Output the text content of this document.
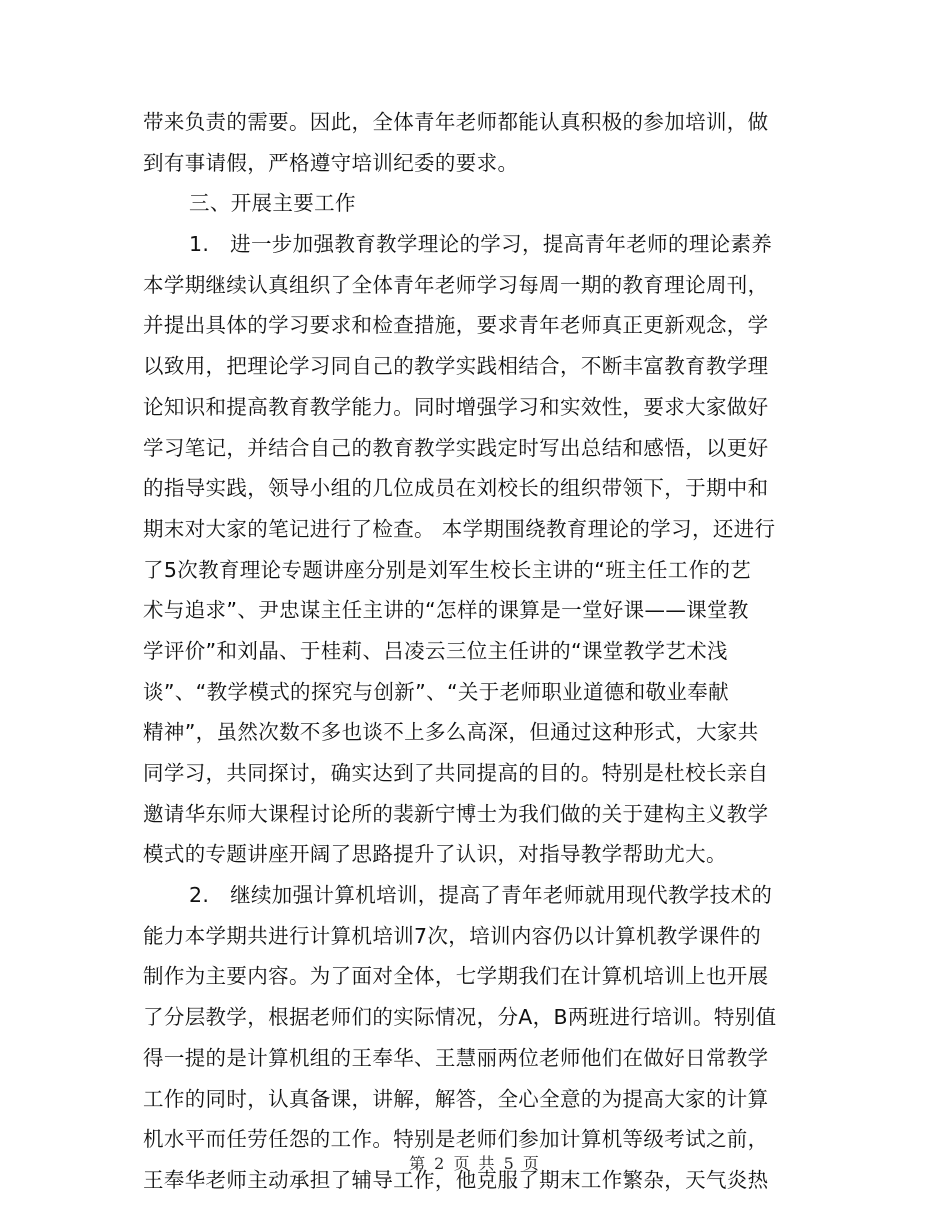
带来负责的需要。因此，全体青年老师都能认真积极的参加培训，做
到有事请假，严格遵守培训纪委的要求。
三、开展主要工作
1.　进一步加强教育教学理论的学习，提高青年老师的理论素养
本学期继续认真组织了全体青年老师学习每周一期的教育理论周刊，
并提出具体的学习要求和检查措施，要求青年老师真正更新观念，学
以致用，把理论学习同自己的教学实践相结合，不断丰富教育教学理
论知识和提高教育教学能力。同时增强学习和实效性，要求大家做好
学习笔记，并结合自己的教育教学实践定时写出总结和感悟，以更好
的指导实践，领导小组的几位成员在刘校长的组织带领下，于期中和
期末对大家的笔记进行了检查。 本学期围绕教育理论的学习，还进行
了5次教育理论专题讲座分别是刘军生校长主讲的“班主任工作的艺
术与追求”、尹忠谋主任主讲的“怎样的课算是一堂好课——课堂教
学评价”和刘晶、于桂莉、吕凌云三位主任讲的“课堂教学艺术浅
谈”、“教学模式的探究与创新”、“关于老师职业道德和敬业奉献
精神”，虽然次数不多也谈不上多么高深，但通过这种形式，大家共
同学习，共同探讨，确实达到了共同提高的目的。特别是杜校长亲自
邀请华东师大课程讨论所的裴新宁博士为我们做的关于建构主义教学
模式的专题讲座开阔了思路提升了认识，对指导教学帮助尤大。
2.　继续加强计算机培训，提高了青年老师就用现代教学技术的
能力本学期共进行计算机培训7次，培训内容仍以计算机教学课件的
制作为主要内容。为了面对全体，七学期我们在计算机培训上也开展
了分层教学，根据老师们的实际情况，分A，B两班进行培训。特别值
得一提的是计算机组的王奉华、王慧丽两位老师他们在做好日常教学
工作的同时，认真备课，讲解，解答，全心全意的为提高大家的计算
机水平而任劳任怨的工作。特别是老师们参加计算机等级考试之前，
王奉华老师主动承担了辅导工作，他克服了期末工作繁杂，天气炎热
第 2 页 共 5 页
